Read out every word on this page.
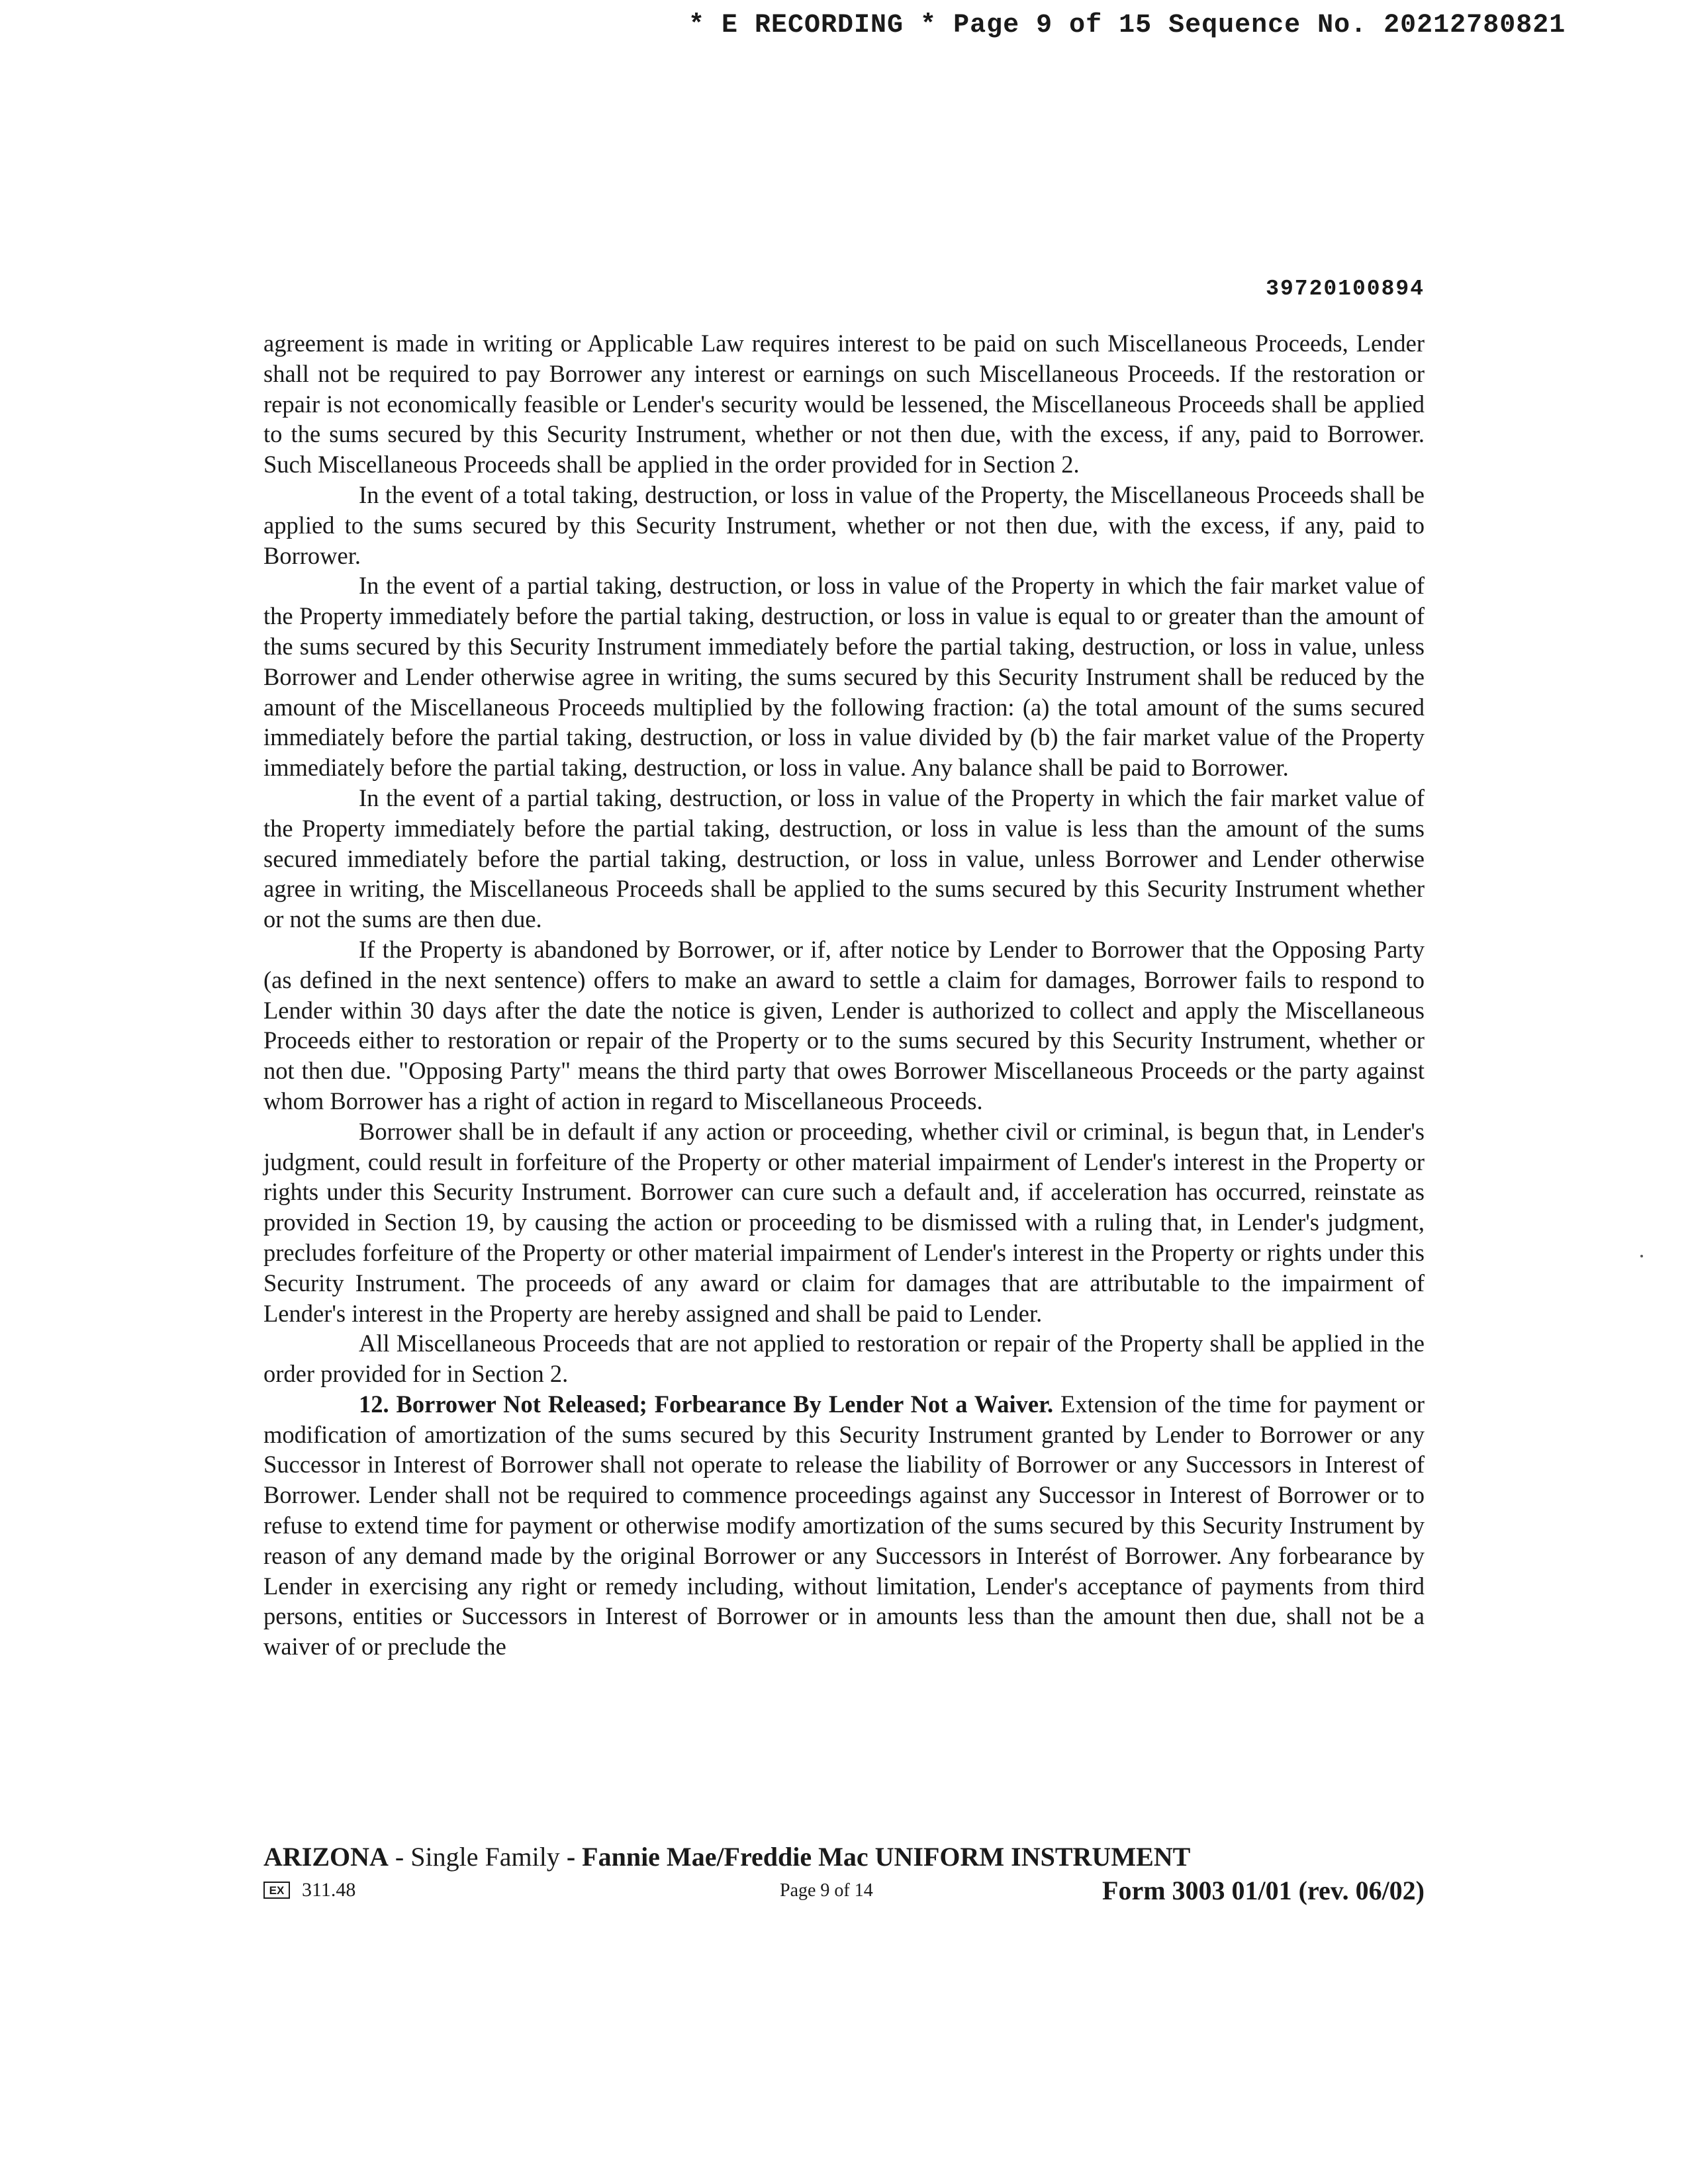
* E RECORDING * Page 9 of 15 Sequence No. 20212780821
39720100894

agreement is made in writing or Applicable Law requires interest to be paid on such Miscellaneous Proceeds, Lender shall not be required to pay Borrower any interest or earnings on such Miscellaneous Proceeds. If the restoration or repair is not economically feasible or Lender's security would be lessened, the Miscellaneous Proceeds shall be applied to the sums secured by this Security Instrument, whether or not then due, with the excess, if any, paid to Borrower. Such Miscellaneous Proceeds shall be applied in the order provided for in Section 2.

In the event of a total taking, destruction, or loss in value of the Property, the Miscellaneous Proceeds shall be applied to the sums secured by this Security Instrument, whether or not then due, with the excess, if any, paid to Borrower.

In the event of a partial taking, destruction, or loss in value of the Property in which the fair market value of the Property immediately before the partial taking, destruction, or loss in value is equal to or greater than the amount of the sums secured by this Security Instrument immediately before the partial taking, destruction, or loss in value, unless Borrower and Lender otherwise agree in writing, the sums secured by this Security Instrument shall be reduced by the amount of the Miscellaneous Proceeds multiplied by the following fraction: (a) the total amount of the sums secured immediately before the partial taking, destruction, or loss in value divided by (b) the fair market value of the Property immediately before the partial taking, destruction, or loss in value. Any balance shall be paid to Borrower.

In the event of a partial taking, destruction, or loss in value of the Property in which the fair market value of the Property immediately before the partial taking, destruction, or loss in value is less than the amount of the sums secured immediately before the partial taking, destruction, or loss in value, unless Borrower and Lender otherwise agree in writing, the Miscellaneous Proceeds shall be applied to the sums secured by this Security Instrument whether or not the sums are then due.

If the Property is abandoned by Borrower, or if, after notice by Lender to Borrower that the Opposing Party (as defined in the next sentence) offers to make an award to settle a claim for damages, Borrower fails to respond to Lender within 30 days after the date the notice is given, Lender is authorized to collect and apply the Miscellaneous Proceeds either to restoration or repair of the Property or to the sums secured by this Security Instrument, whether or not then due. "Opposing Party" means the third party that owes Borrower Miscellaneous Proceeds or the party against whom Borrower has a right of action in regard to Miscellaneous Proceeds.

Borrower shall be in default if any action or proceeding, whether civil or criminal, is begun that, in Lender's judgment, could result in forfeiture of the Property or other material impairment of Lender's interest in the Property or rights under this Security Instrument. Borrower can cure such a default and, if acceleration has occurred, reinstate as provided in Section 19, by causing the action or proceeding to be dismissed with a ruling that, in Lender's judgment, precludes forfeiture of the Property or other material impairment of Lender's interest in the Property or rights under this Security Instrument. The proceeds of any award or claim for damages that are attributable to the impairment of Lender's interest in the Property are hereby assigned and shall be paid to Lender.

All Miscellaneous Proceeds that are not applied to restoration or repair of the Property shall be applied in the order provided for in Section 2.

12. Borrower Not Released; Forbearance By Lender Not a Waiver. Extension of the time for payment or modification of amortization of the sums secured by this Security Instrument granted by Lender to Borrower or any Successor in Interest of Borrower shall not operate to release the liability of Borrower or any Successors in Interest of Borrower. Lender shall not be required to commence proceedings against any Successor in Interest of Borrower or to refuse to extend time for payment or otherwise modify amortization of the sums secured by this Security Instrument by reason of any demand made by the original Borrower or any Successors in Interést of Borrower. Any forbearance by Lender in exercising any right or remedy including, without limitation, Lender's acceptance of payments from third persons, entities or Successors in Interest of Borrower or in amounts less than the amount then due, shall not be a waiver of or preclude the

ARIZONA - Single Family - Fannie Mae/Freddie Mac UNIFORM INSTRUMENT
EX 311.48	Page 9 of 14	Form 3003 01/01 (rev. 06/02)
